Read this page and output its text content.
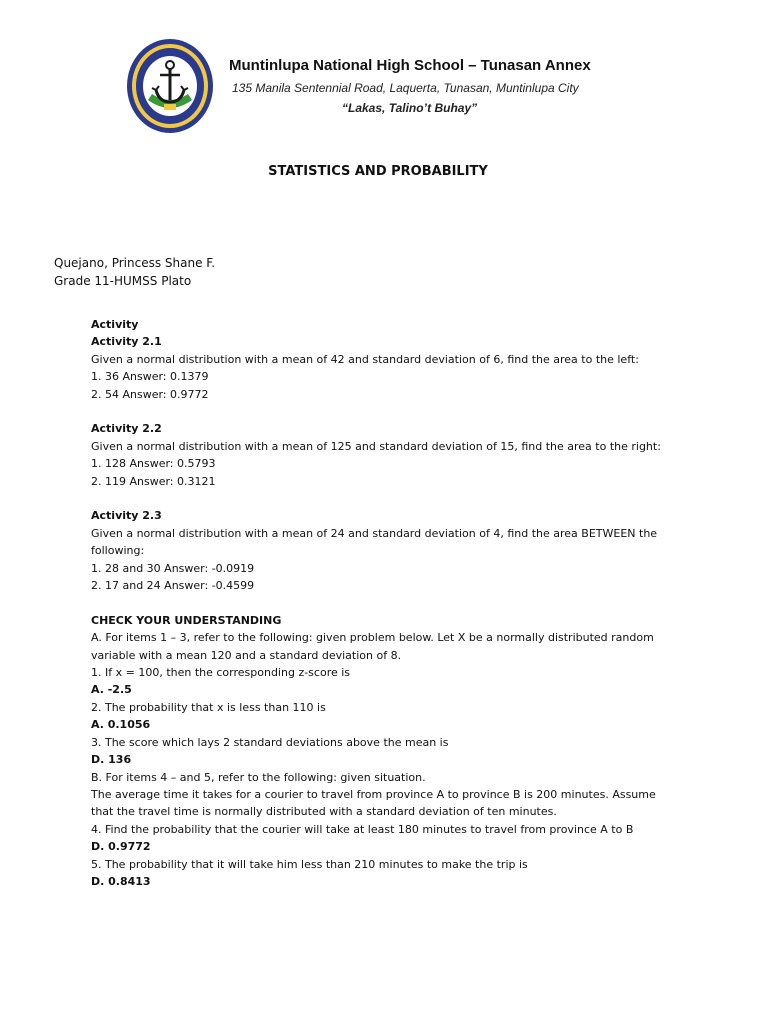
Muntinlupa National High School – Tunasan Annex
135 Manila Sentennial Road, Laquerta, Tunasan, Muntinlupa City
“Lakas, Talino’t Buhay”
STATISTICS AND PROBABILITY
Quejano, Princess Shane F.
Grade 11-HUMSS Plato
Activity
Activity 2.1
Given a normal distribution with a mean of 42 and standard deviation of 6, find the area to the left:
1. 36 Answer: 0.1379
2. 54 Answer: 0.9772
Activity 2.2
Given a normal distribution with a mean of 125 and standard deviation of 15, find the area to the right:
1. 128 Answer: 0.5793
2. 119 Answer: 0.3121
Activity 2.3
Given a normal distribution with a mean of 24 and standard deviation of 4, find the area BETWEEN the
following:
1. 28 and 30 Answer: -0.0919
2. 17 and 24 Answer: -0.4599
CHECK YOUR UNDERSTANDING
A. For items 1 – 3, refer to the following: given problem below. Let X be a normally distributed random
variable with a mean 120 and a standard deviation of 8.
1. If x = 100, then the corresponding z-score is
A. -2.5
2. The probability that x is less than 110 is
A. 0.1056
3. The score which lays 2 standard deviations above the mean is
D. 136
B. For items 4 – and 5, refer to the following: given situation.
The average time it takes for a courier to travel from province A to province B is 200 minutes. Assume
that the travel time is normally distributed with a standard deviation of ten minutes.
4. Find the probability that the courier will take at least 180 minutes to travel from province A to B
D. 0.9772
5. The probability that it will take him less than 210 minutes to make the trip is
D. 0.8413
